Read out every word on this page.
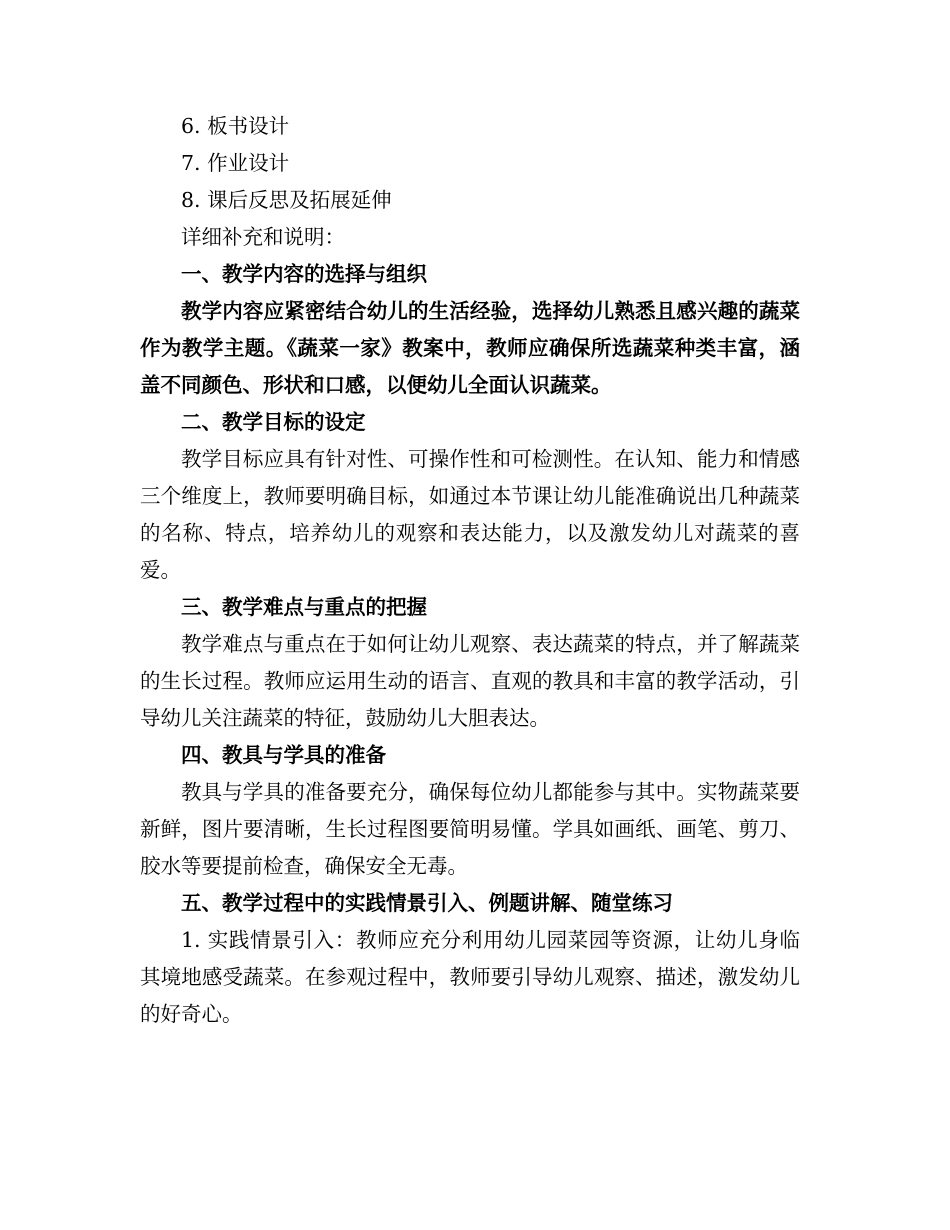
6. 板书设计
7. 作业设计
8. 课后反思及拓展延伸

详细补充和说明：

一、教学内容的选择与组织

教学内容应紧密结合幼儿的生活经验，选择幼儿熟悉且感兴趣的蔬菜作为教学主题。《蔬菜一家》教案中，教师应确保所选蔬菜种类丰富，涵盖不同颜色、形状和口感，以便幼儿全面认识蔬菜。

二、教学目标的设定

教学目标应具有针对性、可操作性和可检测性。在认知、能力和情感三个维度上，教师要明确目标，如通过本节课让幼儿能准确说出几种蔬菜的名称、特点，培养幼儿的观察和表达能力，以及激发幼儿对蔬菜的喜爱。

三、教学难点与重点的把握

教学难点与重点在于如何让幼儿观察、表达蔬菜的特点，并了解蔬菜的生长过程。教师应运用生动的语言、直观的教具和丰富的教学活动，引导幼儿关注蔬菜的特征，鼓励幼儿大胆表达。

四、教具与学具的准备

教具与学具的准备要充分，确保每位幼儿都能参与其中。实物蔬菜要新鲜，图片要清晰，生长过程图要简明易懂。学具如画纸、画笔、剪刀、胶水等要提前检查，确保安全无毒。

五、教学过程中的实践情景引入、例题讲解、随堂练习

1. 实践情景引入：教师应充分利用幼儿园菜园等资源，让幼儿身临其境地感受蔬菜。在参观过程中，教师要引导幼儿观察、描述，激发幼儿的好奇心。
